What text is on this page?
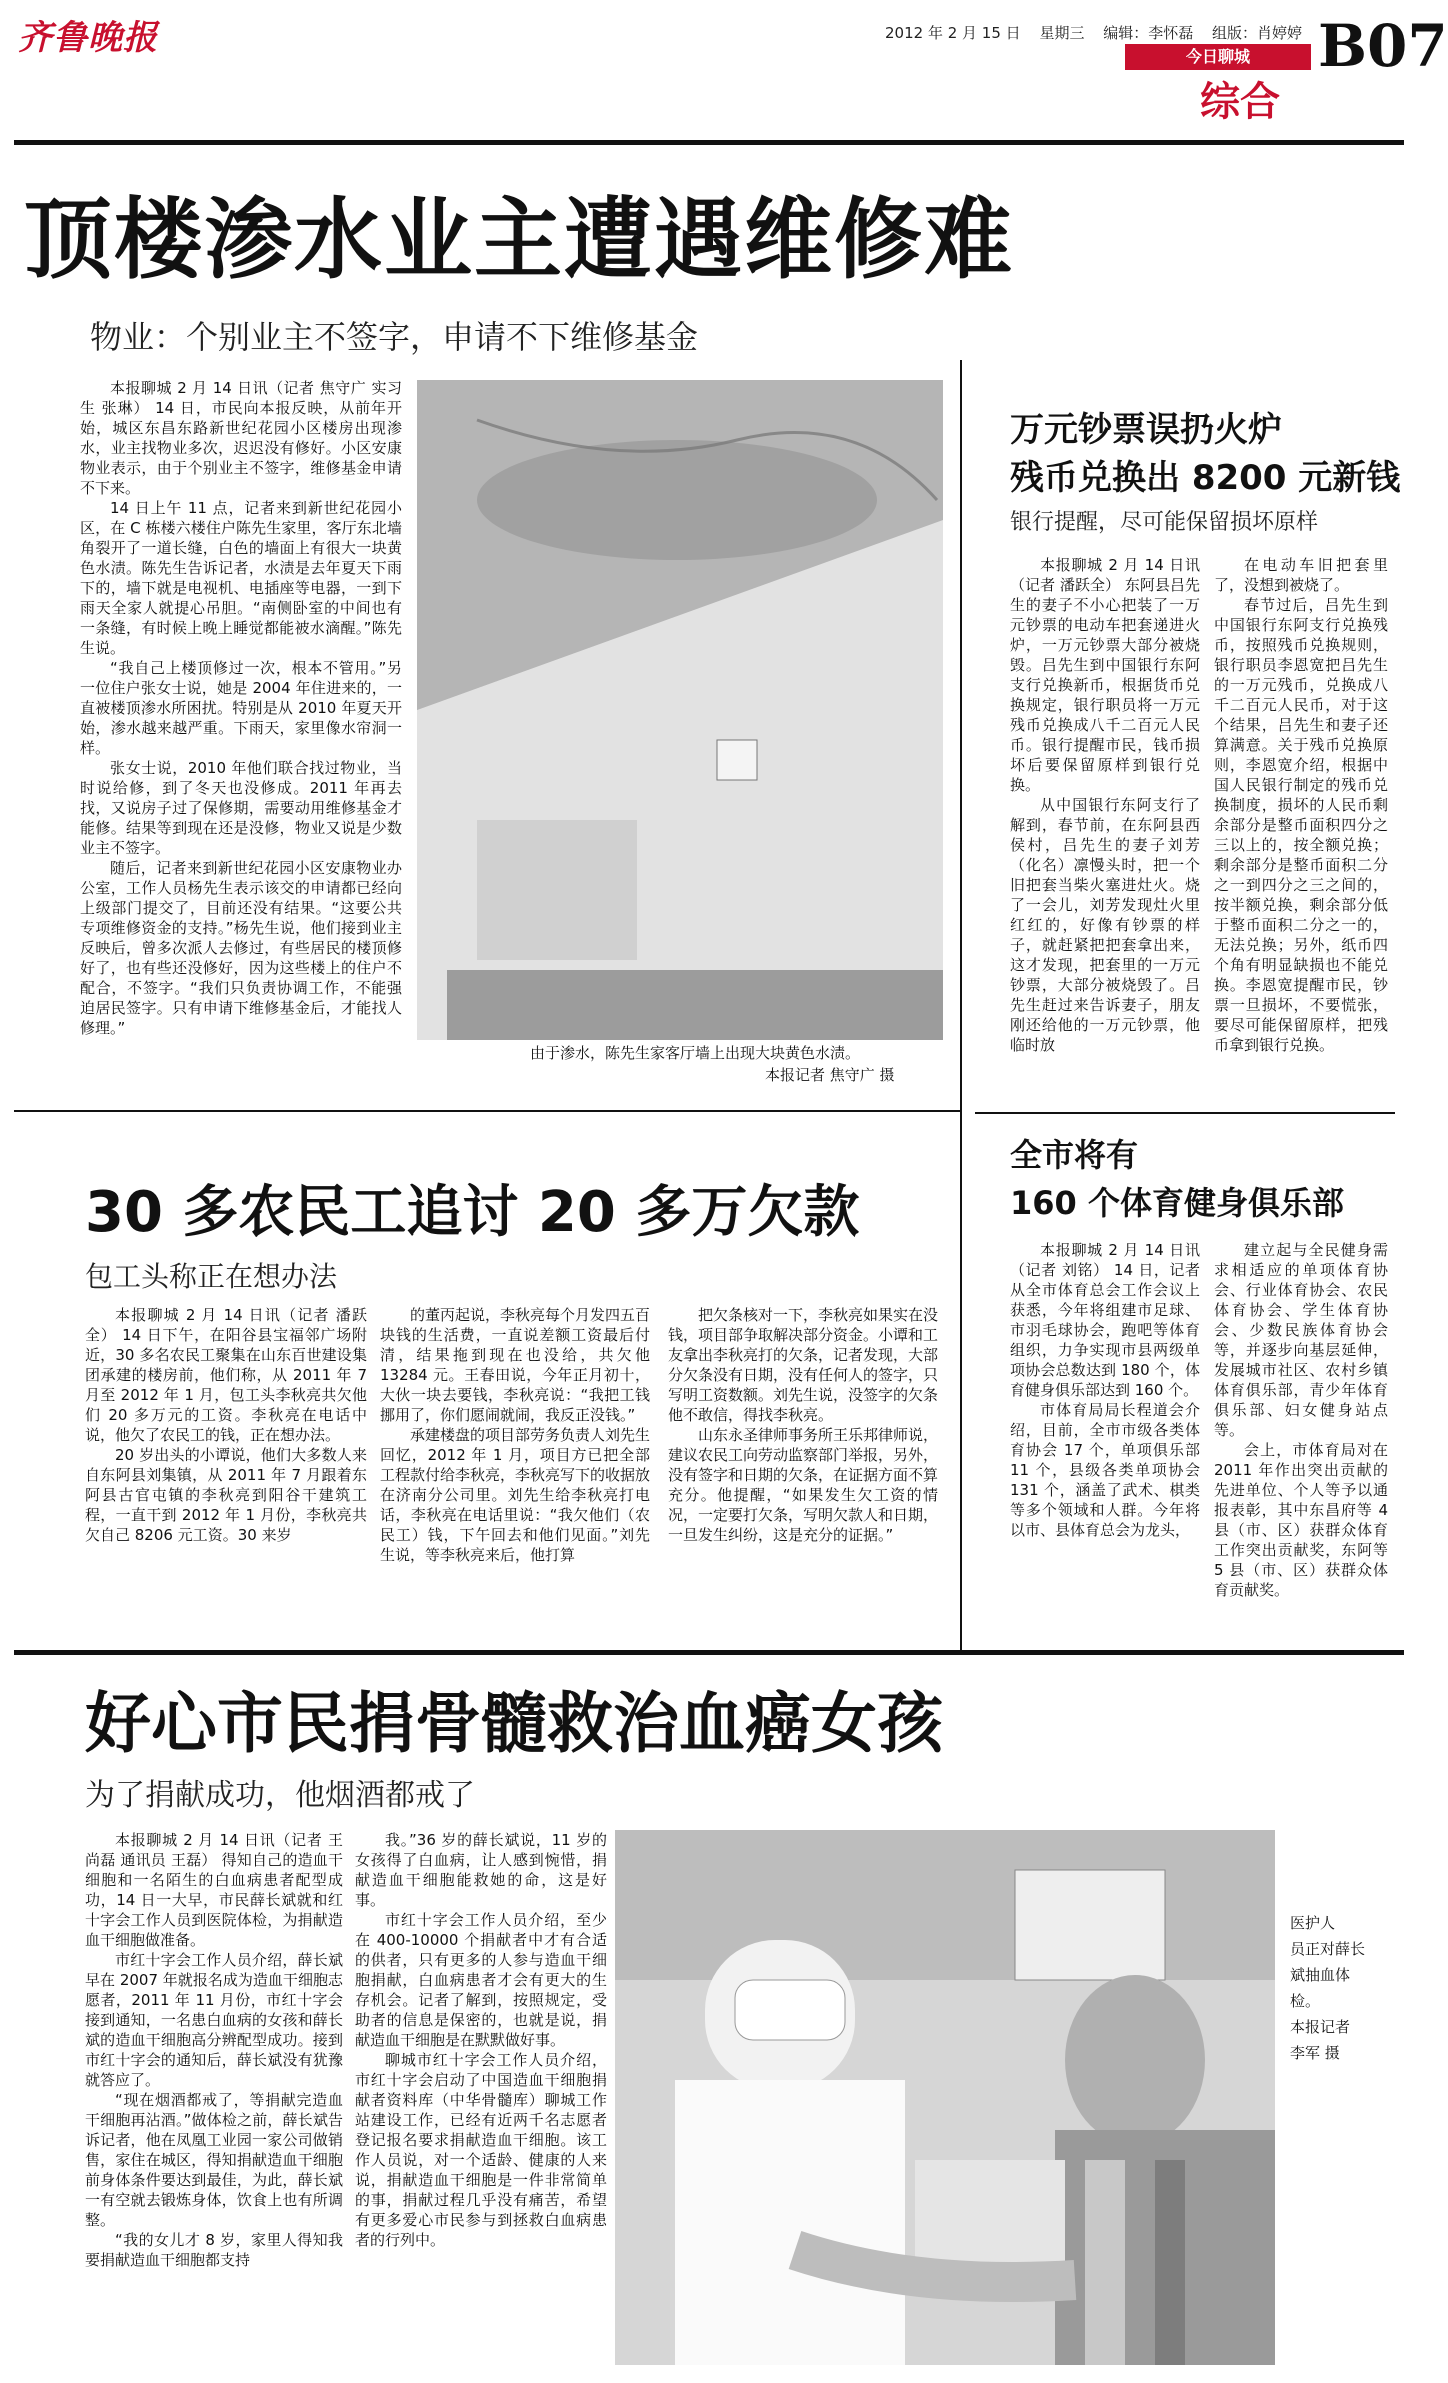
齐鲁晚报	2012 年 2 月 15 日 星期三 编辑：李怀磊 组版：肖婷婷
今日聊城
综合
B07
顶楼渗水业主遭遇维修难
物业：个别业主不签字，申请不下维修基金

本报聊城 2 月 14 日讯（记者 焦守广 实习生 张琳） 14 日，市民向本报反映，从前年开始，城区东昌东路新世纪花园小区楼房出现渗水，业主找物业多次，迟迟没有修好。小区安康物业表示，由于个别业主不签字，维修基金申请不下来。

14 日上午 11 点，记者来到新世纪花园小区，在 C 栋楼六楼住户陈先生家里，客厅东北墙角裂开了一道长缝，白色的墙面上有很大一块黄色水渍。陈先生告诉记者，水渍是去年夏天下雨下的，墙下就是电视机、电插座等电器，一到下雨天全家人就提心吊胆。“南侧卧室的中间也有一条缝，有时候上晚上睡觉都能被水滴醒。”陈先生说。

“我自己上楼顶修过一次，根本不管用。”另一位住户张女士说，她是 2004 年住进来的，一直被楼顶渗水所困扰。特别是从 2010 年夏天开始，渗水越来越严重。下雨天，家里像水帘洞一样。

张女士说，2010 年他们联合找过物业，当时说给修，到了冬天也没修成。2011 年再去找，又说房子过了保修期，需要动用维修基金才能修。结果等到现在还是没修，物业又说是少数业主不签字。

随后，记者来到新世纪花园小区安康物业办公室，工作人员杨先生表示该交的申请都已经向上级部门提交了，目前还没有结果。“这要公共专项维修资金的支持。”杨先生说，他们接到业主反映后，曾多次派人去修过，有些居民的楼顶修好了，也有些还没修好，因为这些楼上的住户不配合，不签字。“我们只负责协调工作，不能强迫居民签字。只有申请下维修基金后，才能找人修理。”

由于渗水，陈先生家客厅墙上出现大块黄色水渍。
本报记者 焦守广 摄
万元钞票误扔火炉
残币兑换出 8200 元新钱
银行提醒，尽可能保留损坏原样

本报聊城 2 月 14 日讯（记者 潘跃全） 东阿县吕先生的妻子不小心把装了一万元钞票的电动车把套递进火炉，一万元钞票大部分被烧毁。吕先生到中国银行东阿支行兑换新币，根据货币兑换规定，银行职员将一万元残币兑换成八千二百元人民币。银行提醒市民，钱币损坏后要保留原样到银行兑换。

从中国银行东阿支行了解到，春节前，在东阿县西侯村，吕先生的妻子刘芳（化名）凛慢头时，把一个旧把套当柴火塞进灶火。烧了一会儿，刘芳发现灶火里红红的，好像有钞票的样子，就赶紧把把套拿出来，这才发现，把套里的一万元钞票，大部分被烧毁了。吕先生赶过来告诉妻子，朋友刚还给他的一万元钞票，他临时放

在电动车旧把套里了，没想到被烧了。

春节过后，吕先生到中国银行东阿支行兑换残币，按照残币兑换规则，银行职员李恩宽把吕先生的一万元残币，兑换成八千二百元人民币，对于这个结果，吕先生和妻子还算满意。关于残币兑换原则，李恩宽介绍，根据中国人民银行制定的残币兑换制度，损坏的人民币剩余部分是整币面积四分之三以上的，按全额兑换；剩余部分是整币面积二分之一到四分之三之间的，按半额兑换，剩余部分低于整币面积二分之一的，无法兑换；另外，纸币四个角有明显缺损也不能兑换。李恩宽提醒市民，钞票一旦损坏，不要慌张，要尽可能保留原样，把残币拿到银行兑换。

全市将有
160 个体育健身俱乐部

本报聊城 2 月 14 日讯（记者 刘铭） 14 日，记者从全市体育总会工作会议上获悉，今年将组建市足球、市羽毛球协会，跑吧等体育组织，力争实现市县两级单项协会总数达到 180 个，体育健身俱乐部达到 160 个。

市体育局局长程道会介绍，目前，全市市级各类体育协会 17 个，单项俱乐部 11 个，县级各类单项协会 131 个，涵盖了武术、棋类等多个领域和人群。今年将以市、县体育总会为龙头，

建立起与全民健身需求相适应的单项体育协会、行业体育协会、农民体育协会、学生体育协会、少数民族体育协会等，并逐步向基层延伸，发展城市社区、农村乡镇体育俱乐部，青少年体育俱乐部、妇女健身站点等。

会上，市体育局对在 2011 年作出突出贡献的先进单位、个人等予以通报表彰，其中东昌府等 4 县（市、区）获群众体育工作突出贡献奖，东阿等 5 县（市、区）获群众体育贡献奖。

30 多农民工追讨 20 多万欠款
包工头称正在想办法

本报聊城 2 月 14 日讯（记者 潘跃全） 14 日下午，在阳谷县宝福邻广场附近，30 多名农民工聚集在山东百世建设集团承建的楼房前，他们称，从 2011 年 7 月至 2012 年 1 月，包工头李秋亮共欠他们 20 多万元的工资。李秋亮在电话中说，他欠了农民工的钱，正在想办法。

20 岁出头的小谭说，他们大多数人来自东阿县刘集镇，从 2011 年 7 月跟着东阿县古官屯镇的李秋亮到阳谷干建筑工程，一直干到 2012 年 1 月份，李秋亮共欠自己 8206 元工资。30 来岁

的董丙起说，李秋亮每个月发四五百块钱的生活费，一直说差额工资最后付清，结果拖到现在也没给，共欠他 13284 元。王春田说，今年正月初十，大伙一块去要钱，李秋亮说：“我把工钱挪用了，你们愿闹就闹，我反正没钱。”

承建楼盘的项目部劳务负责人刘先生回忆，2012 年 1 月，项目方已把全部工程款付给李秋亮，李秋亮写下的收据放在济南分公司里。刘先生给李秋亮打电话，李秋亮在电话里说：“我欠他们（农民工）钱，下午回去和他们见面。”刘先生说，等李秋亮来后，他打算

把欠条核对一下，李秋亮如果实在没钱，项目部争取解决部分资金。小谭和工友拿出李秋亮打的欠条，记者发现，大部分欠条没有日期，没有任何人的签字，只写明工资数额。刘先生说，没签字的欠条他不敢信，得找李秋亮。

山东永圣律师事务所王乐邦律师说，建议农民工向劳动监察部门举报，另外，没有签字和日期的欠条，在证据方面不算充分。他提醒，“如果发生欠工资的情况，一定要打欠条，写明欠款人和日期，一旦发生纠纷，这是充分的证据。”

好心市民捐骨髓救治血癌女孩
为了捐献成功，他烟酒都戒了

本报聊城 2 月 14 日讯（记者 王尚磊 通讯员 王磊） 得知自己的造血干细胞和一名陌生的白血病患者配型成功，14 日一大早，市民薛长斌就和红十字会工作人员到医院体检，为捐献造血干细胞做准备。

市红十字会工作人员介绍，薛长斌早在 2007 年就报名成为造血干细胞志愿者，2011 年 11 月份，市红十字会接到通知，一名患白血病的女孩和薛长斌的造血干细胞高分辨配型成功。接到市红十字会的通知后，薛长斌没有犹豫就答应了。

“现在烟酒都戒了，等捐献完造血干细胞再沾酒。”做体检之前，薛长斌告诉记者，他在凤凰工业园一家公司做销售，家住在城区，得知捐献造血干细胞前身体条件要达到最佳，为此，薛长斌一有空就去锻炼身体，饮食上也有所调整。

“我的女儿才 8 岁，家里人得知我要捐献造血干细胞都支持

我。”36 岁的薛长斌说，11 岁的女孩得了白血病，让人感到惋惜，捐献造血干细胞能救她的命，这是好事。

市红十字会工作人员介绍，至少在 400-10000 个捐献者中才有合适的供者，只有更多的人参与造血干细胞捐献，白血病患者才会有更大的生存机会。记者了解到，按照规定，受助者的信息是保密的，也就是说，捐献造血干细胞是在默默做好事。

聊城市红十字会工作人员介绍，市红十字会启动了中国造血干细胞捐献者资料库（中华骨髓库）聊城工作站建设工作，已经有近两千名志愿者登记报名要求捐献造血干细胞。该工作人员说，对一个适龄、健康的人来说，捐献造血干细胞是一件非常简单的事，捐献过程几乎没有痛苦，希望有更多爱心市民参与到拯救白血病患者的行列中。

医护人
员正对薛长
斌抽血体
检。
本报记者
李军 摄
